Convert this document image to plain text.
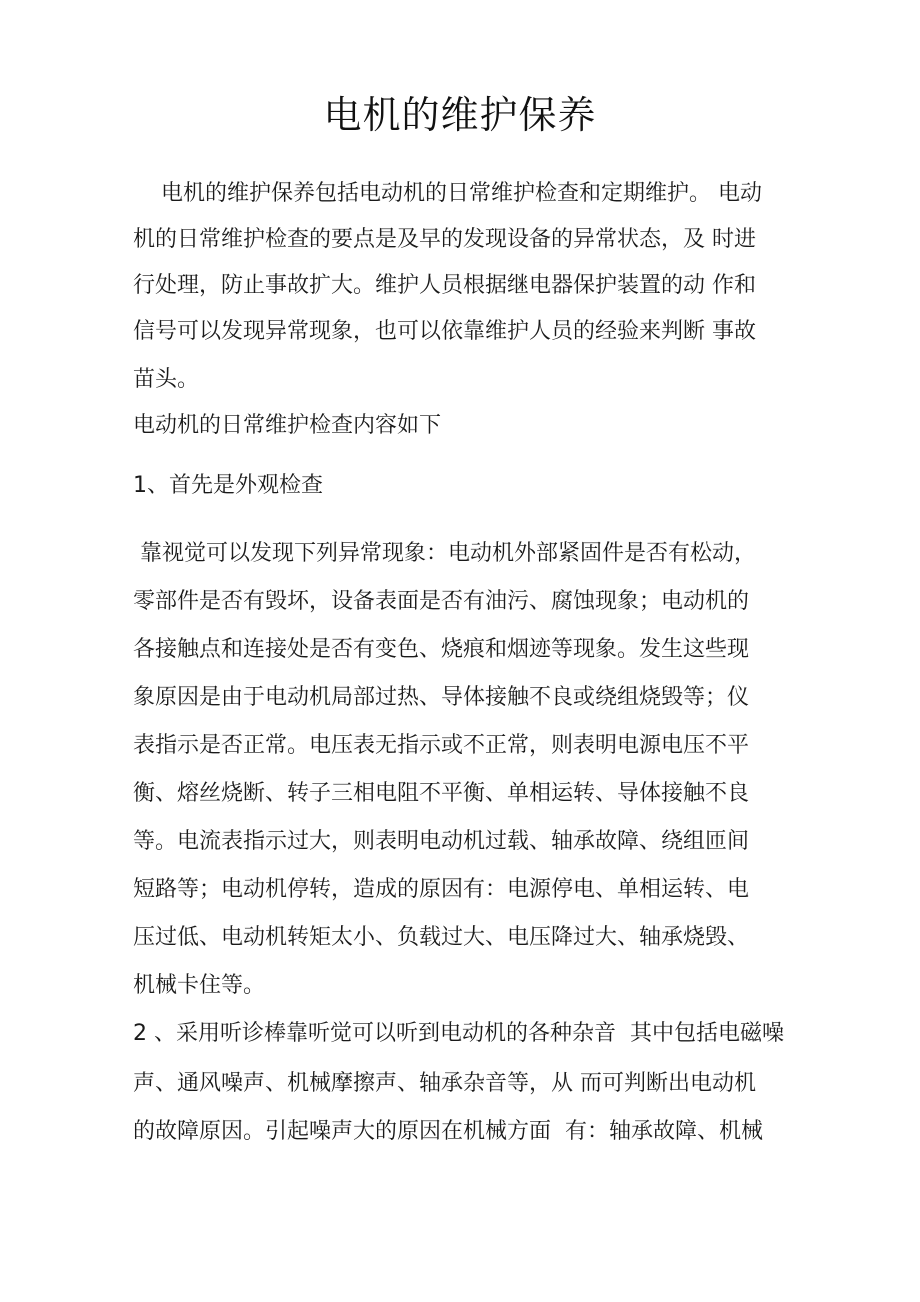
电机的维护保养
电机的维护保养包括电动机的日常维护检查和定期维护。 电动
机的日常维护检查的要点是及早的发现设备的异常状态，及 时进
行处理，防止事故扩大。维护人员根据继电器保护装置的动 作和
信号可以发现异常现象，也可以依靠维护人员的经验来判断 事故
苗头。
电动机的日常维护检查内容如下
1、首先是外观检查
靠视觉可以发现下列异常现象：电动机外部紧固件是否有松动，
零部件是否有毁坏，设备表面是否有油污、腐蚀现象；电动机的
各接触点和连接处是否有变色、烧痕和烟迹等现象。发生这些现
象原因是由于电动机局部过热、导体接触不良或绕组烧毁等；仪
表指示是否正常。电压表无指示或不正常，则表明电源电压不平
衡、熔丝烧断、转子三相电阻不平衡、单相运转、导体接触不良
等。电流表指示过大，则表明电动机过载、轴承故障、绕组匝间
短路等；电动机停转，造成的原因有：电源停电、单相运转、电
压过低、电动机转矩太小、负载过大、电压降过大、轴承烧毁、
机械卡住等。
2 、采用听诊棒靠听觉可以听到电动机的各种杂音  其中包括电磁噪
声、通风噪声、机械摩擦声、轴承杂音等，从 而可判断出电动机
的故障原因。引起噪声大的原因在机械方面  有：轴承故障、机械
